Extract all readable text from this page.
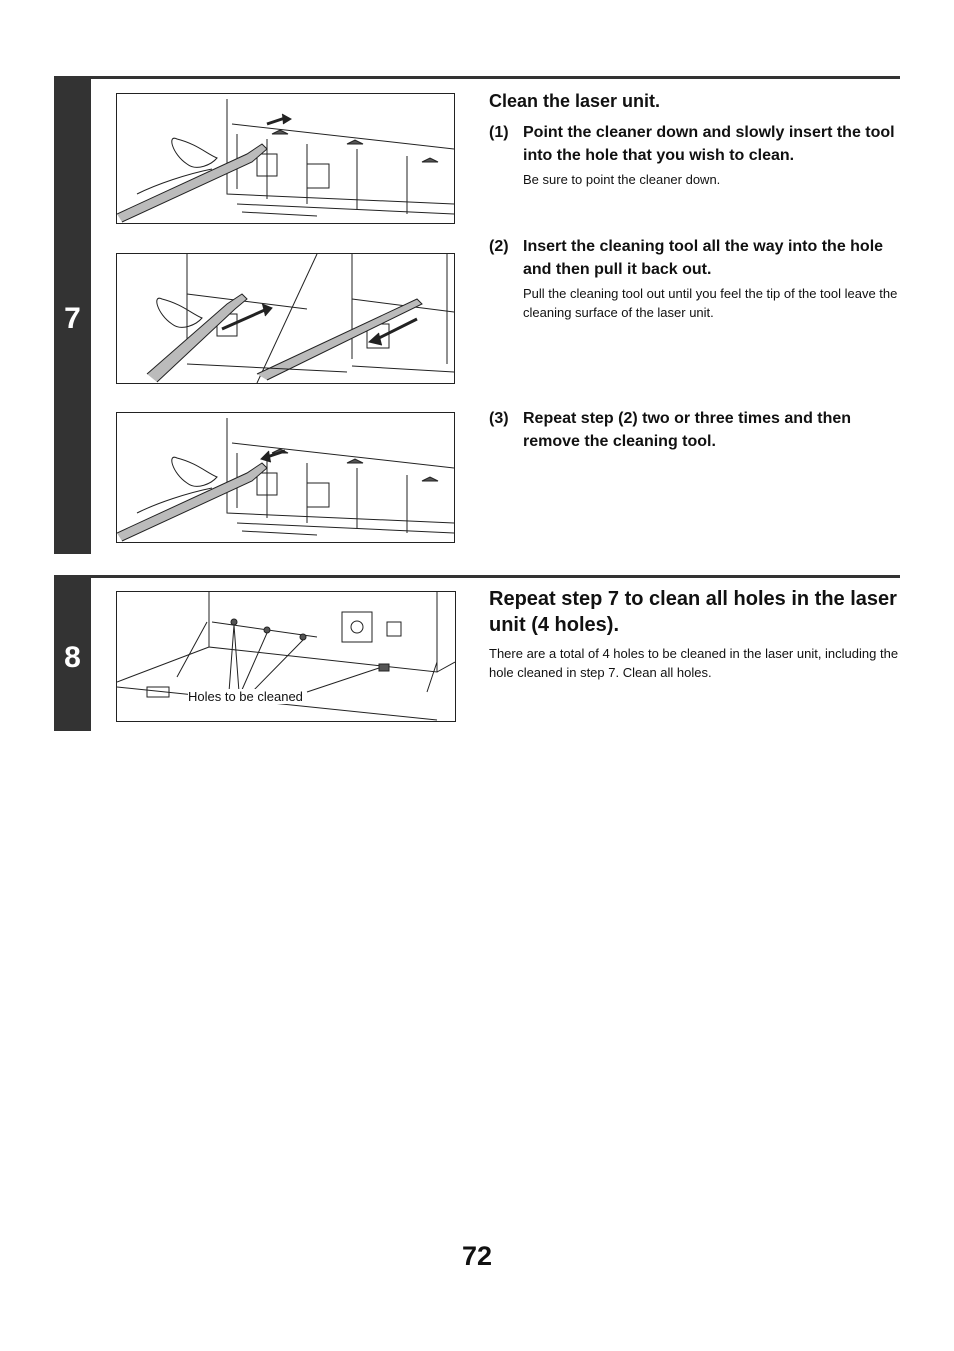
7
Clean the laser unit.
(1) Point the cleaner down and slowly insert the tool into the hole that you wish to clean.
Be sure to point the cleaner down.
(2) Insert the cleaning tool all the way into the hole and then pull it back out.
Pull the cleaning tool out until you feel the tip of the tool leave the cleaning surface of the laser unit.
(3) Repeat step (2) two or three times and then remove the cleaning tool.
8
Holes to be cleaned
Repeat step 7 to clean all holes in the laser unit (4 holes).
There are a total of 4 holes to be cleaned in the laser unit, including the hole cleaned in step 7. Clean all holes.
72
